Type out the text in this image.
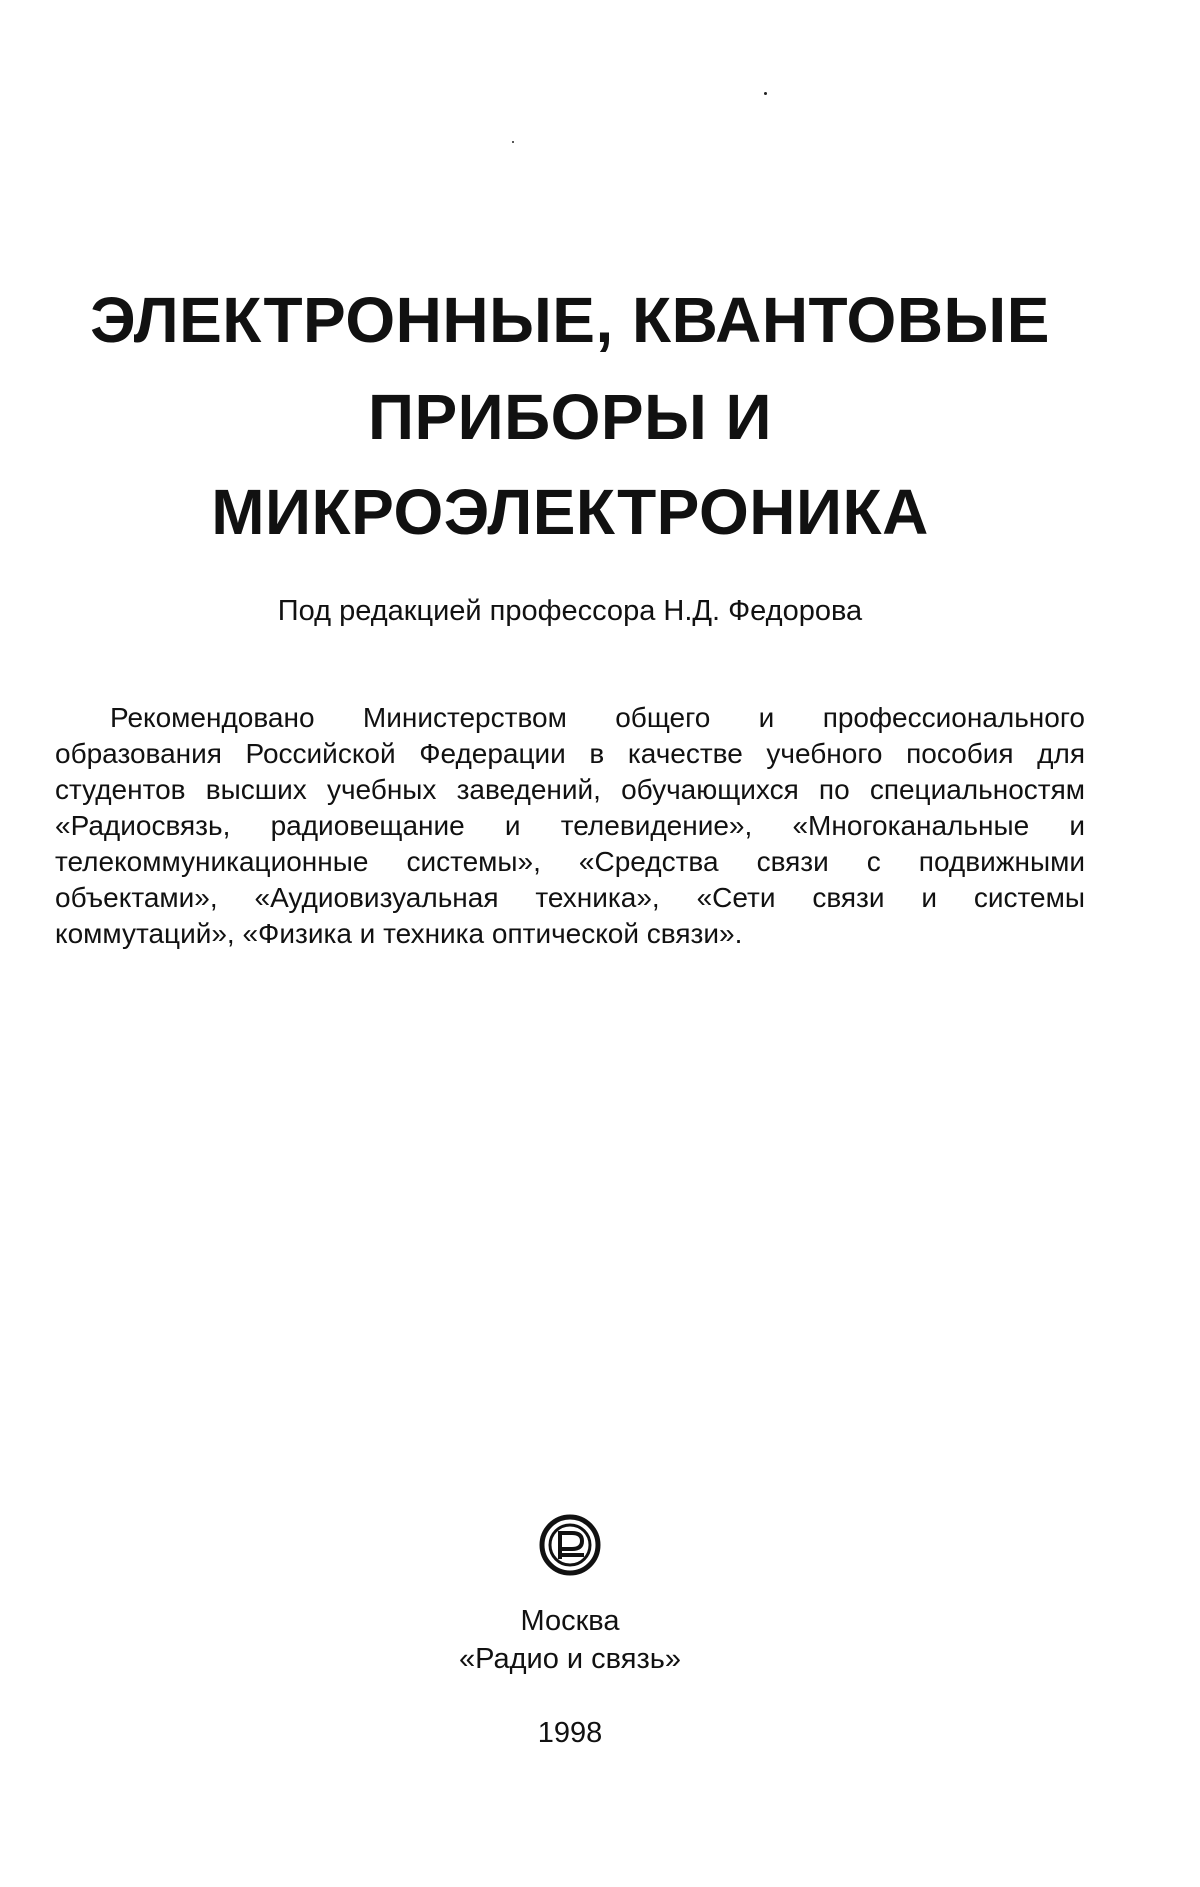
ЭЛЕКТРОННЫЕ, КВАНТОВЫЕ
ПРИБОРЫ И
МИКРОЭЛЕКТРОНИКА
Под редакцией профессора Н.Д. Федорова
Рекомендовано Министерством общего и профессионального образования Российской Федерации в качестве учебного пособия для студентов высших учебных заведений, обучающихся по специальностям «Радиосвязь, радиовещание и телевидение», «Многоканальные и телекоммуникационные системы», «Средства связи с подвижными объектами», «Аудиовизуальная техника», «Сети связи и системы коммутаций», «Физика и техника оптической связи».
Москва
«Радио и связь»
1998
